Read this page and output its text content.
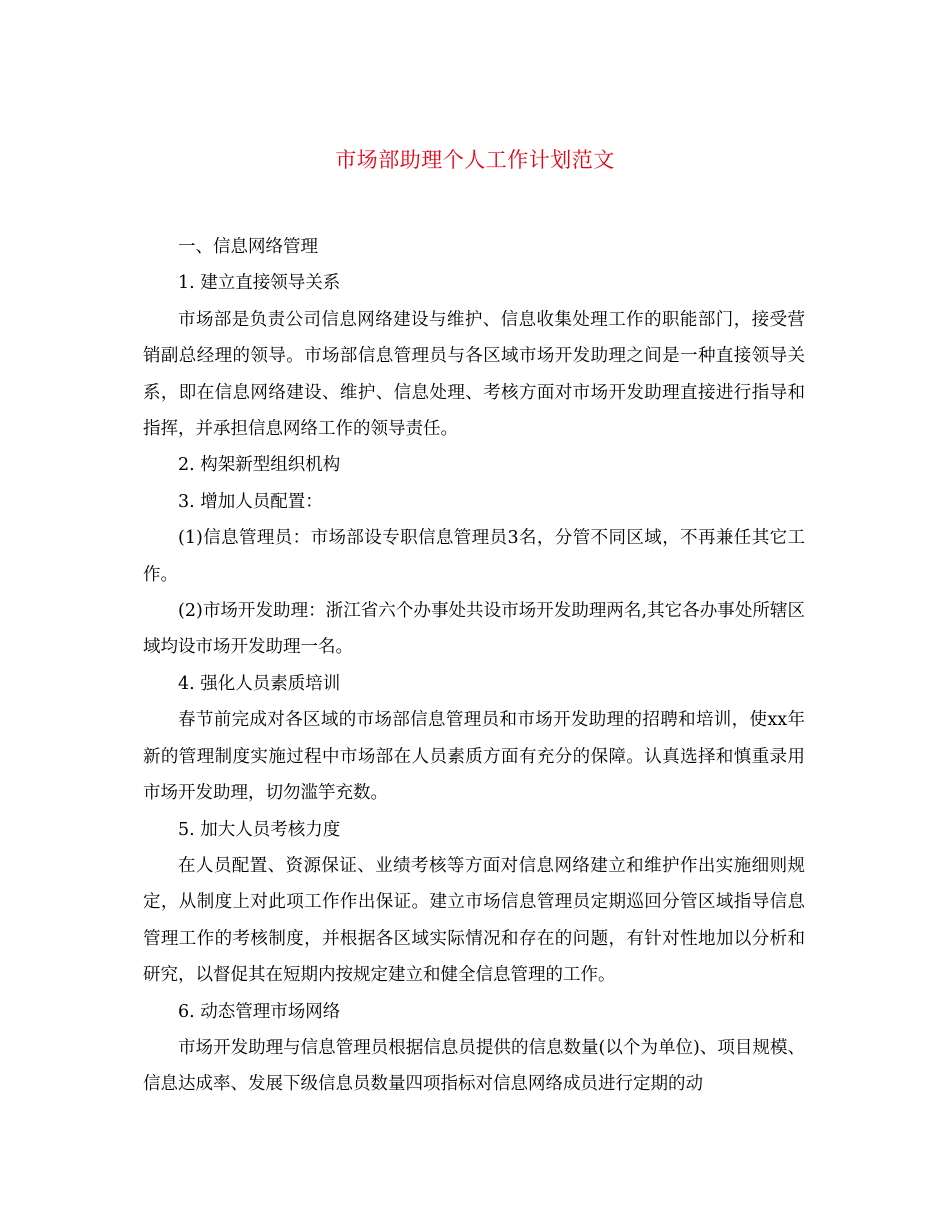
市场部助理个人工作计划范文

一、信息网络管理

1. 建立直接领导关系

市场部是负责公司信息网络建设与维护、信息收集处理工作的职能部门，接受营销副总经理的领导。市场部信息管理员与各区域市场开发助理之间是一种直接领导关系，即在信息网络建设、维护、信息处理、考核方面对市场开发助理直接进行指导和指挥，并承担信息网络工作的领导责任。

2. 构架新型组织机构

3. 增加人员配置：

(1)信息管理员：市场部设专职信息管理员3名，分管不同区域，不再兼任其它工作。

(2)市场开发助理：浙江省六个办事处共设市场开发助理两名,其它各办事处所辖区域均设市场开发助理一名。

4. 强化人员素质培训

春节前完成对各区域的市场部信息管理员和市场开发助理的招聘和培训，使xx年新的管理制度实施过程中市场部在人员素质方面有充分的保障。认真选择和慎重录用市场开发助理，切勿滥竽充数。

5. 加大人员考核力度

在人员配置、资源保证、业绩考核等方面对信息网络建立和维护作出实施细则规定，从制度上对此项工作作出保证。建立市场信息管理员定期巡回分管区域指导信息管理工作的考核制度，并根据各区域实际情况和存在的问题，有针对性地加以分析和研究，以督促其在短期内按规定建立和健全信息管理的工作。

6. 动态管理市场网络

市场开发助理与信息管理员根据信息员提供的信息数量(以个为单位)、项目规模、信息达成率、发展下级信息员数量四项指标对信息网络成员进行定期的动
